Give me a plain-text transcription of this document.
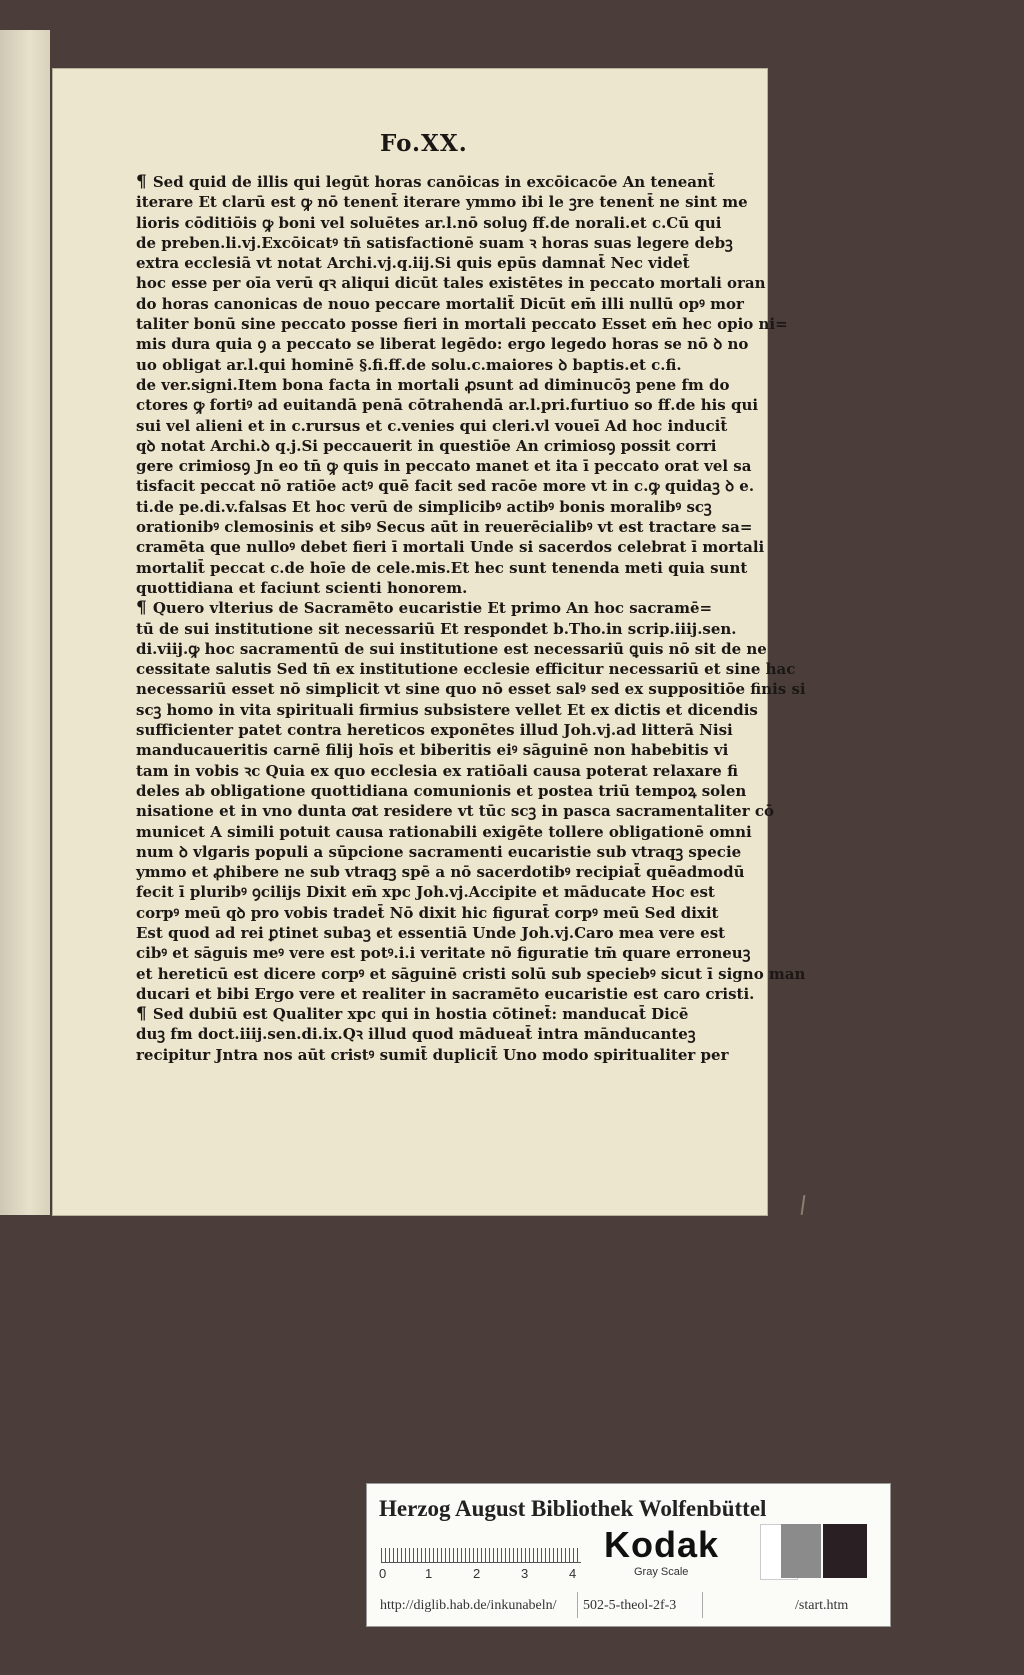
Fo.XX.
¶ Sed quid de illis qui legūt horas canōicas in excōicacōe An teneant̄
iterare Et clarū est ꝙ nō tenent̄ iterare ymmo ibi le ꝫre tenent̄ ne sint me
lioris cōditiōis ꝙ boni vel soluētes ar.l.nō soluꝯ ff.de norali.et c.Cū qui
de preben.li.vj.Excōicatꝰ tn̄ satisfactionē suam ꝛ horas suas legere debꝫ
extra ecclesiā vt notat Archi.vj.q.iij.Si quis epūs damnat̄ Nec videt̄
hoc esse per oīa verū qꝛ aliqui dicūt tales existētes in peccato mortali oran
do horas canonicas de nouo peccare mortalit̄ Dicūt em̄ illi nullū opꝰ mor
taliter bonū sine peccato posse fieri in mortali peccato Esset em̄ hec opio ni=
mis dura quia ꝯ a peccato se liberat legēdo: ergo legedo horas se nō ꝺ no
uo obligat ar.l.qui hominē §.fi.ff.de solu.c.maiores ꝺ baptis.et c.fi.
de ver.signi.Item bona facta in mortali ꝓsunt ad diminucōꝫ pene fm do
ctores ꝙ fortiꝰ ad euitandā penā cōtrahendā ar.l.pri.furtiuo so ff.de his qui
sui vel alieni et in c.rursus et c.venies qui cleri.vl voueī Ad hoc inducit̄
qꝺ notat Archi.ꝺ q.j.Si peccauerit in questiōe An crimiosꝯ possit corri
gere crimiosꝯ Jn eo tn̄ ꝙ quis in peccato manet et ita ī peccato orat vel sa
tisfacit peccat nō ratiōe actꝰ quē facit sed racōe more vt in c.ꝙ quidaꝫ ꝺ e.
ti.de pe.di.v.falsas Et hoc verū de simplicibꝰ actibꝰ bonis moralibꝰ scꝫ
orationibꝰ clemosinis et sibꝰ Secus aūt in reuerēcialibꝰ vt est tractare sa=
cramēta que nulloꝰ debet fieri ī mortali Unde si sacerdos celebrat ī mortali
mortalit̄ peccat c.de hoīe de cele.mis.Et hec sunt tenenda meti quia sunt
quottidiana et faciunt scienti honorem.
¶ Quero vlterius de Sacramēto eucaristie Et primo An hoc sacramē=
tū de sui institutione sit necessariū Et respondet b.Tho.in scrip.iiij.sen.
di.viij.ꝙ hoc sacramentū de sui institutione est necessariū ꝗuis nō sit de ne
cessitate salutis Sed tn̄ ex institutione ecclesie efficitur necessariū et sine hac
necessariū esset nō simplicit vt sine quo nō esset salꝰ sed ex suppositiōe finis si
scꝫ homo in vita spirituali firmius subsistere vellet Et ex dictis et dicendis
sufficienter patet contra hereticos exponētes illud Joh.vj.ad litterā Nisi
manducaueritis carnē filij hoīs et biberitis eiꝰ sāguinē non habebitis vi
tam in vobis ꝛc Quia ex quo ecclesia ex ratiōali causa poterat relaxare fi
deles ab obligatione quottidiana comunionis et postea triū tempoꝝ solen
nisatione et in vno dunta ꝍat residere vt tūc scꝫ in pasca sacramentaliter cō
municet A simili potuit causa rationabili exigēte tollere obligationē omni
num ꝺ vlgaris populi a sūpcione sacramenti eucaristie sub vtraqꝫ specie
ymmo et ꝓhibere ne sub vtraqꝫ spē a nō sacerdotibꝰ recipiat̄ quēadmodū
fecit ī pluribꝰ ꝯcilijs Dixit em̄ xpc Joh.vj.Accipite et māducate Hoc est
corpꝰ meū qꝺ pro vobis tradet̄ Nō dixit hic figurat̄ corpꝰ meū Sed dixit
Est quod ad rei ꝑtinet subaꝫ et essentiā Unde Joh.vj.Caro mea vere est
cibꝰ et sāguis meꝰ vere est potꝰ.i.i veritate nō figuratie tm̄ quare erroneuꝫ
et hereticū est dicere corpꝰ et sāguinē cristi solū sub speciebꝰ sicut ī signo man
ducari et bibi Ergo vere et realiter in sacramēto eucaristie est caro cristi.
¶ Sed dubiū est Qualiter xpc qui in hostia cōtinet̄: manducat̄ Dicē
duꝫ fm doct.iiij.sen.di.ix.Qꝛ illud quod mādueat̄ intra mānducanteꝫ
recipitur Jntra nos aūt cristꝰ sumit̄ duplicit̄ Uno modo spiritualiter per
Herzog August Bibliothek Wolfenbüttel
0	1	2	3	4
Kodak
Gray Scale
http://diglib.hab.de/inkunabeln/ 502-5-theol-2f-3	/start.htm
